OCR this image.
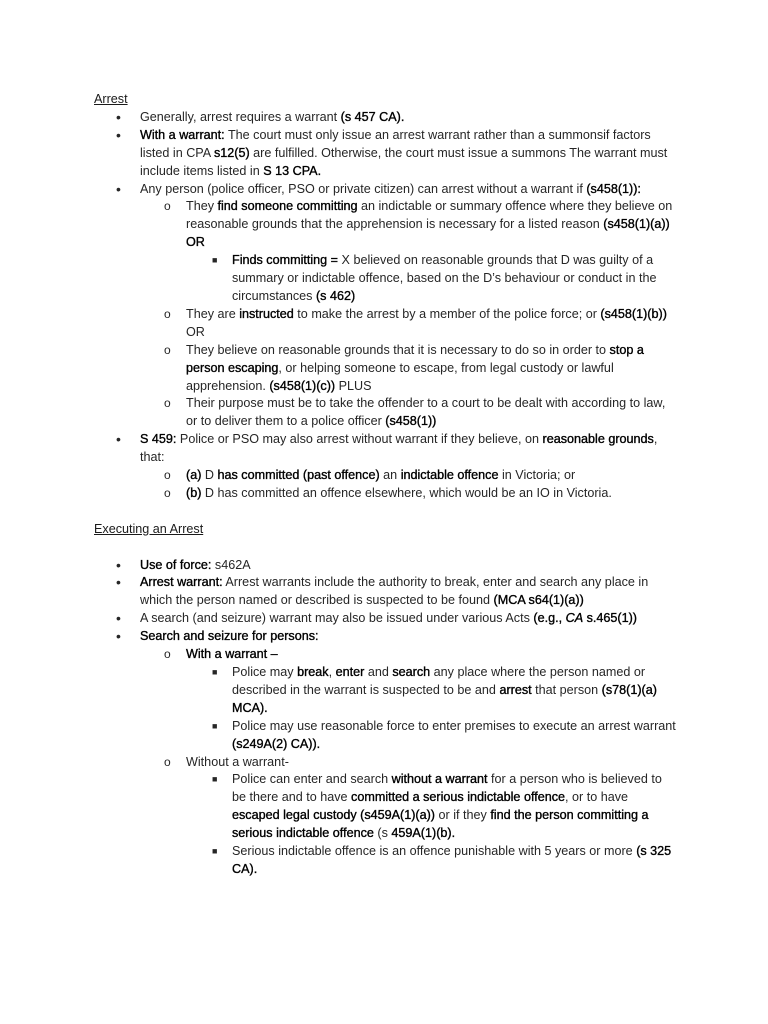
Arrest

• Generally, arrest requires a warrant (s 457 CA).
• With a warrant: The court must only issue an arrest warrant rather than a summonsif factors listed in CPA s12(5) are fulfilled. Otherwise, the court must issue a summons The warrant must include items listed in S 13 CPA.
• Any person (police officer, PSO or private citizen) can arrest without a warrant if (s458(1)):
o They find someone committing an indictable or summary offence where they believe on reasonable grounds that the apprehension is necessary for a listed reason (s458(1)(a)) OR
■ Finds committing = X believed on reasonable grounds that D was guilty of a summary or indictable offence, based on the D’s behaviour or conduct in the circumstances (s 462)
o They are instructed to make the arrest by a member of the police force; or (s458(1)(b)) OR
o They believe on reasonable grounds that it is necessary to do so in order to stop a person escaping, or helping someone to escape, from legal custody or lawful apprehension. (s458(1)(c)) PLUS
o Their purpose must be to take the offender to a court to be dealt with according to law, or to deliver them to a police officer (s458(1))
• S 459: Police or PSO may also arrest without warrant if they believe, on reasonable grounds, that:
o (a) D has committed (past offence) an indictable offence in Victoria; or
o (b) D has committed an offence elsewhere, which would be an IO in Victoria.

Executing an Arrest

• Use of force: s462A
• Arrest warrant: Arrest warrants include the authority to break, enter and search any place in which the person named or described is suspected to be found (MCA s64(1)(a))
• A search (and seizure) warrant may also be issued under various Acts (e.g., CA s.465(1))
• Search and seizure for persons:
o With a warrant –
■ Police may break, enter and search any place where the person named or described in the warrant is suspected to be and arrest that person (s78(1)(a) MCA).
■ Police may use reasonable force to enter premises to execute an arrest warrant (s249A(2) CA)).
o Without a warrant-
■ Police can enter and search without a warrant for a person who is believed to be there and to have committed a serious indictable offence, or to have escaped legal custody (s459A(1)(a)) or if they find the person committing a serious indictable offence (s 459A(1)(b).
■ Serious indictable offence is an offence punishable with 5 years or more (s 325 CA).
